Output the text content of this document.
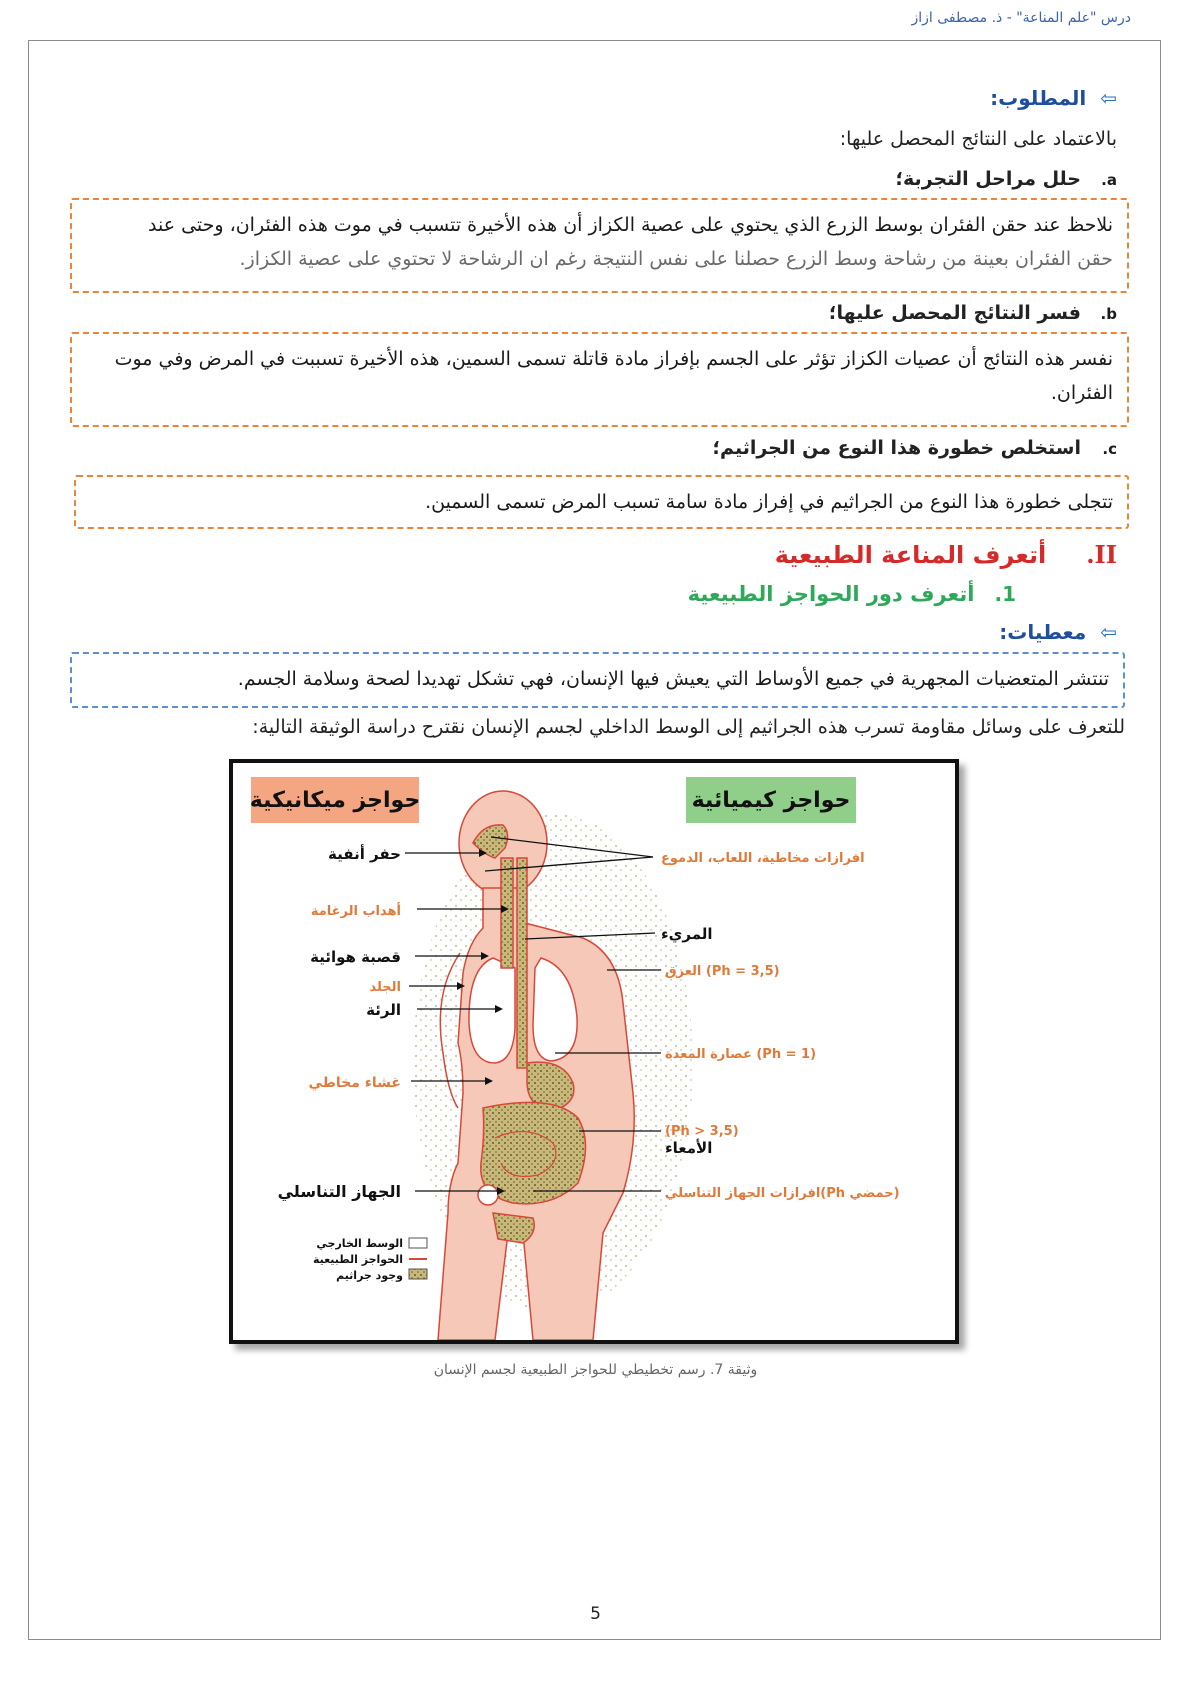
درس "علم المناعة" - ذ. مصطفى ازاز
⇦المطلوب:
بالاعتماد على النتائج المحصل عليها:
a.حلل مراحل التجربة؛
نلاحظ عند حقن الفئران بوسط الزرع الذي يحتوي على عصية الكزاز أن هذه الأخيرة تتسبب في موت هذه الفئران، وحتى عند
حقن الفئران بعينة من رشاحة وسط الزرع حصلنا على نفس النتيجة رغم ان الرشاحة لا تحتوي على عصية الكزاز.
b.فسر النتائج المحصل عليها؛
نفسر هذه النتائج أن عصيات الكزاز تؤثر على الجسم بإفراز مادة قاتلة تسمى السمين، هذه الأخيرة تسببت في المرض وفي موت
الفئران.
c.استخلص خطورة هذا النوع من الجراثيم؛
تتجلى خطورة هذا النوع من الجراثيم في إفراز مادة سامة تسبب المرض تسمى السمين.
II.أتعرف المناعة الطبيعية
1.أتعرف دور الحواجز الطبيعية
⇦معطيات:
تنتشر المتعضيات المجهرية في جميع الأوساط التي يعيش فيها الإنسان، فهي تشكل تهديدا لصحة وسلامة الجسم.
للتعرف على وسائل مقاومة تسرب هذه الجراثيم إلى الوسط الداخلي لجسم الإنسان نقترح دراسة الوثيقة التالية:
حواجز ميكانيكية	حواجز كيميائية
حفر أنفية
أهداب الرغامة
قصبة هوائية
الجلد
الرئة
غشاء مخاطي
الجهاز التناسلي
افرازات مخاطية، اللعاب، الدموع
المريء
العرق (Ph = 3,5)
عصارة المعدة (Ph = 1)
(Ph > 3,5)
الأمعاء
افرازات الجهاز التناسلي(Ph حمضي)
الوسط الخارجي
الحواجز الطبيعية
وجود جراثيم
وثيقة 7. رسم تخطيطي للحواجز الطبيعية لجسم الإنسان
5
